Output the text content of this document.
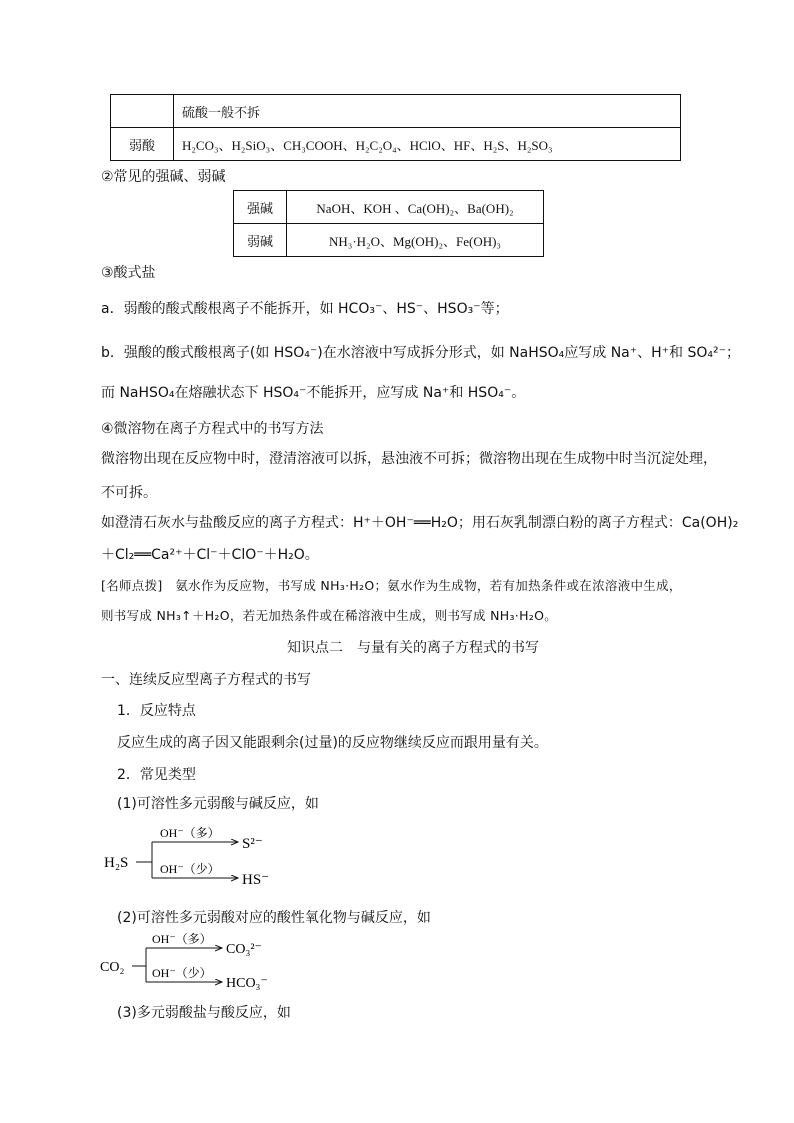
	硫酸一般不拆
弱酸	H₂CO₃、H₂SiO₃、CH₃COOH、H₂C₂O₄、HClO、HF、H₂S、H₂SO₃
②常见的强碱、弱碱
强碱	NaOH、KOH 、Ca(OH)₂、Ba(OH)₂
弱碱	NH₃·H₂O、Mg(OH)₂、Fe(OH)₃
③酸式盐
a．弱酸的酸式酸根离子不能拆开，如 HCO₃⁻、HS⁻、HSO₃⁻等；
b．强酸的酸式酸根离子(如 HSO₄⁻)在水溶液中写成拆分形式，如 NaHSO₄应写成 Na⁺、H⁺和 SO₄²⁻；
而 NaHSO₄在熔融状态下 HSO₄⁻不能拆开，应写成 Na⁺和 HSO₄⁻。
④微溶物在离子方程式中的书写方法
微溶物出现在反应物中时，澄清溶液可以拆，悬浊液不可拆；微溶物出现在生成物中时当沉淀处理，
不可拆。
如澄清石灰水与盐酸反应的离子方程式：H⁺＋OH⁻══H₂O；用石灰乳制漂白粉的离子方程式：Ca(OH)₂
＋Cl₂══Ca²⁺＋Cl⁻＋ClO⁻＋H₂O。
[名师点拨]　氨水作为反应物，书写成 NH₃·H₂O；氨水作为生成物，若有加热条件或在浓溶液中生成，
则书写成 NH₃↑＋H₂O，若无加热条件或在稀溶液中生成，则书写成 NH₃·H₂O。
知识点二　与量有关的离子方程式的书写
一、连续反应型离子方程式的书写
1．反应特点
反应生成的离子因又能跟剩余(过量)的反应物继续反应而跟用量有关。
2．常见类型
(1)可溶性多元弱酸与碱反应，如
H₂S
OH⁻（多）
OH⁻（少）
S²⁻
HS⁻
(2)可溶性多元弱酸对应的酸性氧化物与碱反应，如
CO₂
OH⁻（多）
OH⁻（少）
CO₃²⁻
HCO₃⁻
(3)多元弱酸盐与酸反应，如
